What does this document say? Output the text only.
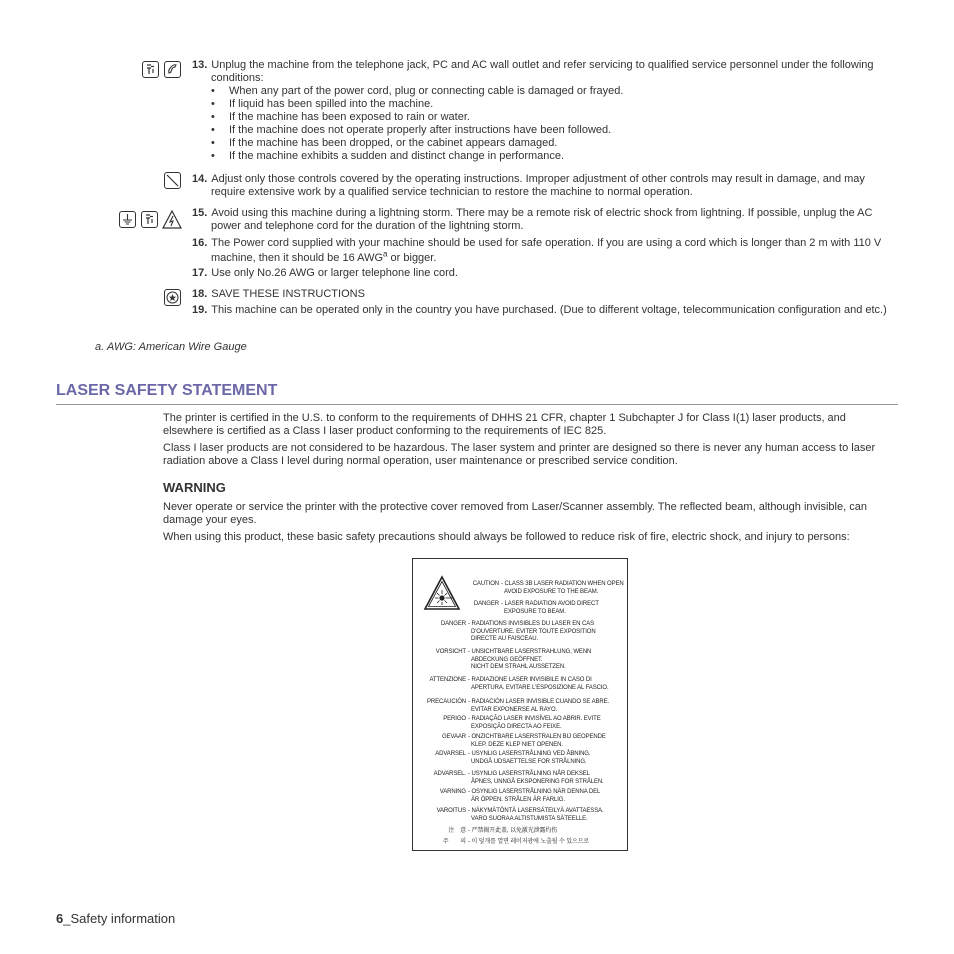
13. Unplug the machine from the telephone jack, PC and AC wall outlet and refer servicing to qualified service personnel under the following conditions:
• When any part of the power cord, plug or connecting cable is damaged or frayed.
• If liquid has been spilled into the machine.
• If the machine has been exposed to rain or water.
• If the machine does not operate properly after instructions have been followed.
• If the machine has been dropped, or the cabinet appears damaged.
• If the machine exhibits a sudden and distinct change in performance.
14. Adjust only those controls covered by the operating instructions. Improper adjustment of other controls may result in damage, and may require extensive work by a qualified service technician to restore the machine to normal operation.
15. Avoid using this machine during a lightning storm. There may be a remote risk of electric shock from lightning. If possible, unplug the AC power and telephone cord for the duration of the lightning storm.
16. The Power cord supplied with your machine should be used for safe operation. If you are using a cord which is longer than 2 m with 110 V machine, then it should be 16 AWG$^a$ or bigger.
17. Use only No.26 AWG or larger telephone line cord.
18. SAVE THESE INSTRUCTIONS
19. This machine can be operated only in the country you have purchased. (Due to different voltage, telecommunication configuration and etc.)
a. AWG: American Wire Gauge
LASER SAFETY STATEMENT
The printer is certified in the U.S. to conform to the requirements of DHHS 21 CFR, chapter 1 Subchapter J for Class I(1) laser products, and elsewhere is certified as a Class I laser product conforming to the requirements of IEC 825.
Class I laser products are not considered to be hazardous. The laser system and printer are designed so there is never any human access to laser radiation above a Class I level during normal operation, user maintenance or prescribed service condition.
WARNING
Never operate or service the printer with the protective cover removed from Laser/Scanner assembly. The reflected beam, although invisible, can damage your eyes.
When using this product, these basic safety precautions should always be followed to reduce risk of fire, electric shock, and injury to persons:
CAUTION - CLASS 3B LASER RADIATION WHEN OPEN
AVOID EXPOSURE TO THE BEAM.
DANGER - LASER RADIATION AVOID DIRECT
EXPOSURE TO BEAM.
DANGER - RADIATIONS INVISIBLES DU LASER EN CAS
D'OUVERTURE. EVITER TOUTE EXPOSITION
DIRECTE AU FAISCEAU.
VORSICHT - UNSICHTBARE LASERSTRAHLUNG, WENN
ABDECKUNG GEÖFFNET.
NICHT DEM STRAHL AUSSETZEN.
ATTENZIONE - RADIAZIONE LASER INVISIBILE IN CASO DI
APERTURA. EVITARE L'ESPOSIZIONE AL FASCIO.
PRECAUCIÓN - RADIACIÓN LASER INVISIBLE CUANDO SE ABRE.
EVITAR EXPONERSE AL RAYO.
PERIGO - RADIAÇÃO LASER INVISÍVEL AO ABRIR. EVITE
EXPOSIÇÃO DIRECTA AO FEIXE.
GEVAAR - ONZICHTBARE LASERSTRALEN BIJ GEOPENDE
KLEP. DEZE KLEP NIET OPENEN.
ADVARSEL - USYNLIG LASERSTRÅLNING VED ÅBNING.
UNDGÅ UDSAETTELSE FOR STRÅLNING.
ADVARSEL. - USYNLIG LASERSTRÅLNING NÅR DEKSEL
ÅPNES, UNNGÅ EKSPONERING FOR STRÅLEN.
VARNING - OSYNLIG LASERSTRÅLNING NÄR DENNA DEL
ÄR ÖPPEN. STRÅLEN ÄR FARLIG.
VAROITUS - NÄKYMÄTÖNTÄ LASERSÄTEILYÄ AVATTAESSA.
VARO SUORAA ALTISTUMISTA SÄTEELLE.
注　意 - 严禁揭开此盖, 以免激光泄露灼伤
주　　의 - 이 덮개를 열면 레이저광에 노출될 수 있으므로
6_Safety information
